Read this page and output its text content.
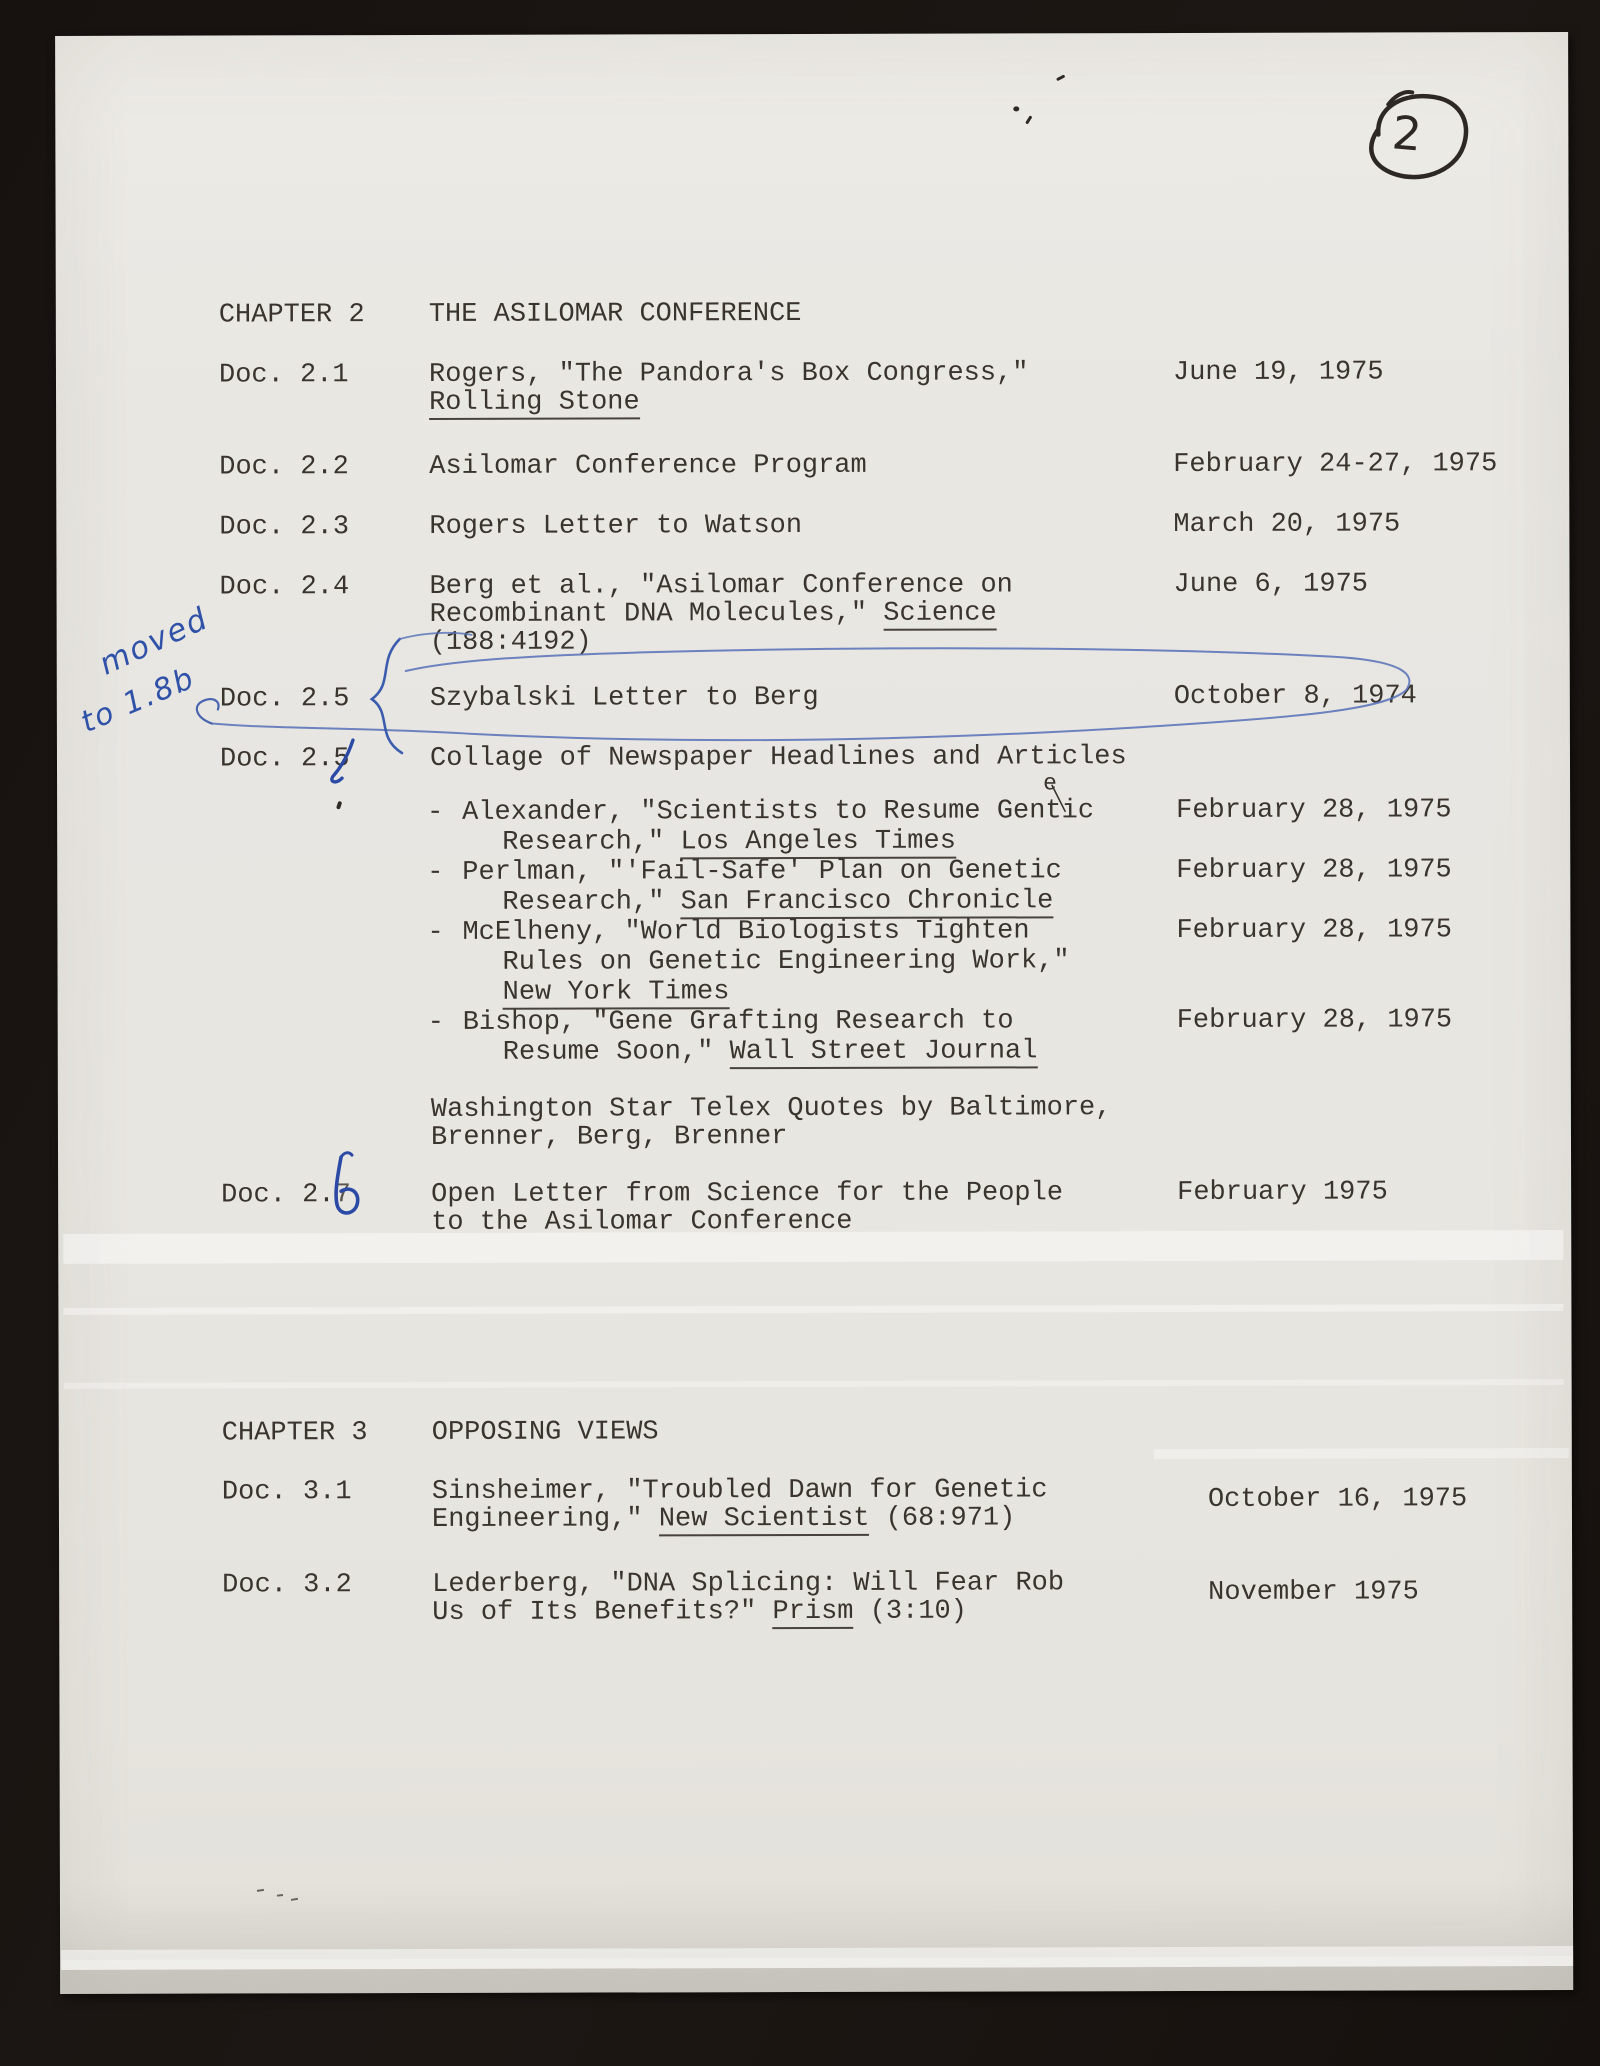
CHAPTER 2 THE ASILOMAR CONFERENCE
Doc. 2.1	Rogers, "The Pandora's Box Congress,"
Rolling Stone
June 19, 1975
Doc. 2.2	Asilomar Conference Program	February 24-27, 1975
Doc. 2.3	Rogers Letter to Watson	March 20, 1975
Doc. 2.4	Berg et al., "Asilomar Conference on
Recombinant DNA Molecules," Science
(188:4192)
June 6, 1975
Doc. 2.5	Szybalski Letter to Berg	October 8, 1974
moved
to 1.8b
Doc. 2.5	Collage of Newspaper Headlines and Articles
- Alexander, "Scientists to Resume Gentic
e
Research," Los Angeles Times
February 28, 1975
- Perlman, "'Fail-Safe' Plan on Genetic
Research," San Francisco Chronicle
February 28, 1975
- McElheny, "World Biologists Tighten
Rules on Genetic Engineering Work,"
New York Times
February 28, 1975
- Bishop, "Gene Grafting Research to
Resume Soon," Wall Street Journal
February 28, 1975
Washington Star Telex Quotes by Baltimore,
Brenner, Berg, Brenner
Doc. 2.7	Open Letter from Science for the People
to the Asilomar Conference
February 1975
CHAPTER 3 OPPOSING VIEWS
Doc. 3.1	Sinsheimer, "Troubled Dawn for Genetic
Engineering," New Scientist (68:971)
October 16, 1975
Doc. 3.2	Lederberg, "DNA Splicing: Will Fear Rob
Us of Its Benefits?" Prism (3:10)
November 1975
2
